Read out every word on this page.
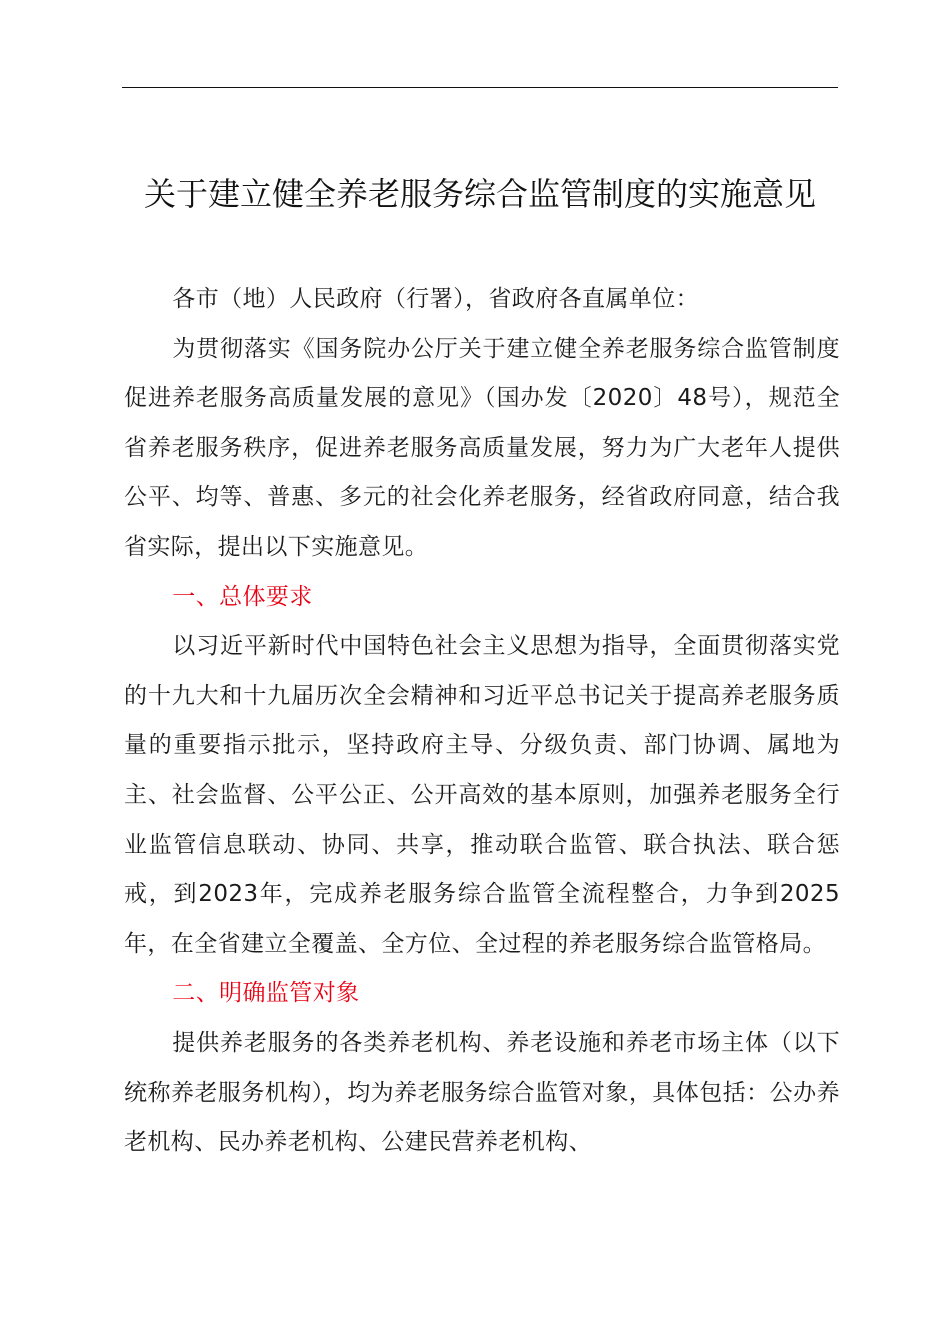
关于建立健全养老服务综合监管制度的实施意见

各市（地）人民政府（行署），省政府各直属单位：

为贯彻落实《国务院办公厅关于建立健全养老服务综合监管制度促进养老服务高质量发展的意见》（国办发〔2020〕48号），规范全省养老服务秩序，促进养老服务高质量发展，努力为广大老年人提供公平、均等、普惠、多元的社会化养老服务，经省政府同意，结合我省实际，提出以下实施意见。

一、总体要求

以习近平新时代中国特色社会主义思想为指导，全面贯彻落实党的十九大和十九届历次全会精神和习近平总书记关于提高养老服务质量的重要指示批示，坚持政府主导、分级负责、部门协调、属地为主、社会监督、公平公正、公开高效的基本原则，加强养老服务全行业监管信息联动、协同、共享，推动联合监管、联合执法、联合惩戒，到2023年，完成养老服务综合监管全流程整合，力争到2025年，在全省建立全覆盖、全方位、全过程的养老服务综合监管格局。

二、明确监管对象

提供养老服务的各类养老机构、养老设施和养老市场主体（以下统称养老服务机构），均为养老服务综合监管对象，具体包括：公办养老机构、民办养老机构、公建民营养老机构、
